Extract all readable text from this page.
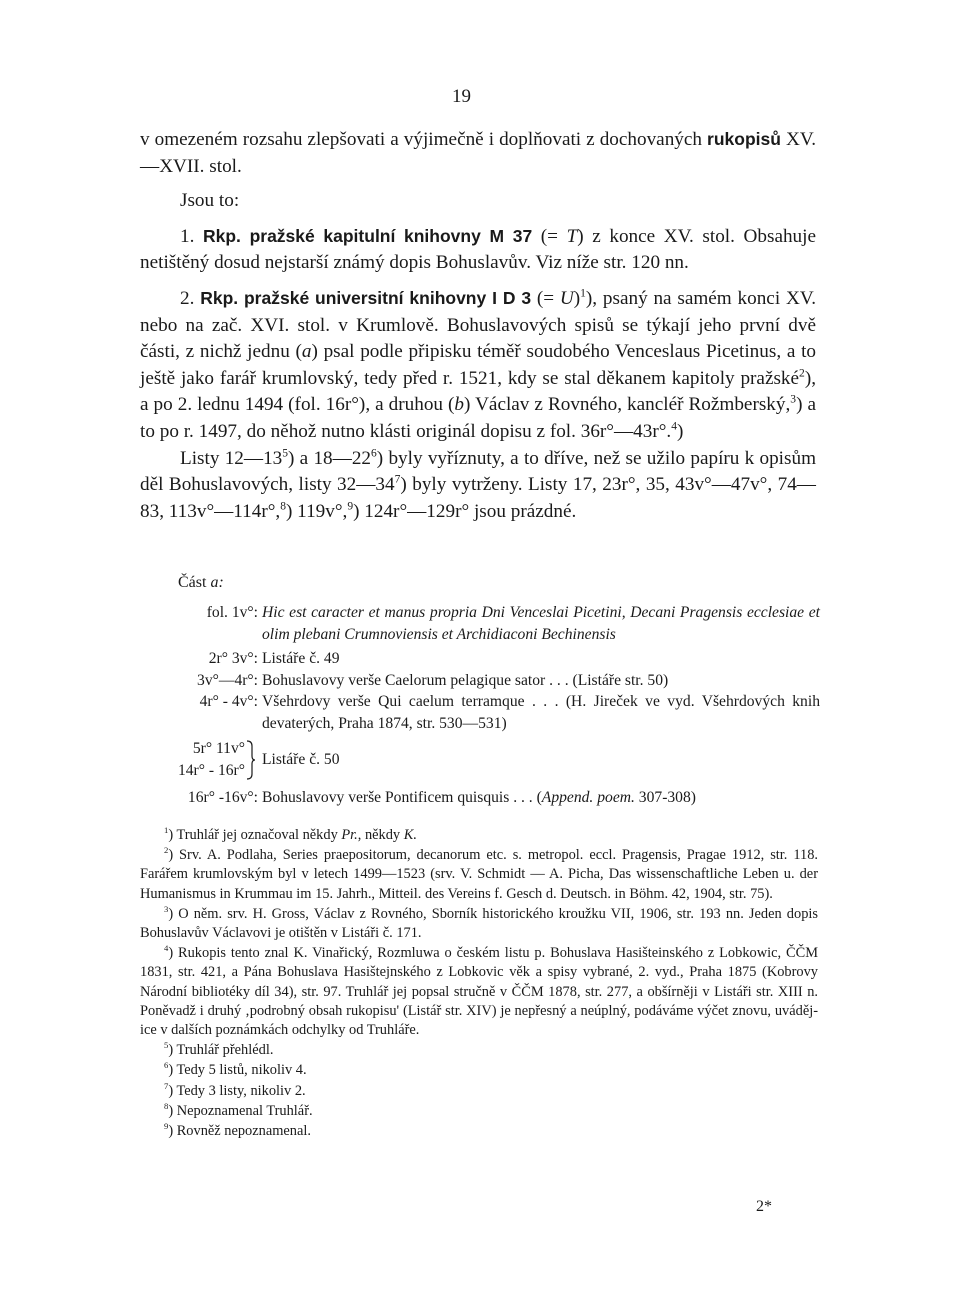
19

v omezeném rozsahu zlepšovati a výjimečně i doplňovati z dochovaných rukopisů XV.—XVII. stol.

Jsou to:

1. Rkp. pražské kapitulní knihovny M 37 (= T) z konce XV. stol. Obsahuje netištěný dosud nejstarší známý dopis Bohuslavův. Viz níže str. 120 nn.

2. Rkp. pražské universitní knihovny I D 3 (= U)$^1$), psaný na samém konci XV. nebo na zač. XVI. stol. v Krumlově. Bohuslavových spisů se týkají jeho první dvě části, z nichž jednu (a) psal podle připisku téměř soudobého Venceslaus Picetinus, a to ještě jako farář krumlovský, tedy před r. 1521, kdy se stal děkanem kapitoly pražské$^2$), a po 2. lednu 1494 (fol. 16r°), a druhou (b) Václav z Rovného, kancléř Rožmberský,$^3$) a to po r. 1497, do něhož nutno klásti originál dopisu z fol. 36r°—43r°.$^4$)

Listy $12—13^5$) a $18—22^6$) byly vyříznuty, a to dříve, než se užilo papíru k opisům děl Bohuslavových, listy $32—34^7$) byly vytrženy. Listy 17, 23r°, 35, 43v°—47v°, 74—83, 113v°—114r°,$^8$) 119v°,$^9$) 124r°—129r° jsou prázdné.

Část a:
fol. 1v°: Hic est caracter et manus propria Dni Venceslai Picetini, Decani Pragensis ecclesiae et olim plebani Crumnoviensis et Archidiaconi Bechinensis
2r° 3v°: Listáře č. 49
3v°—4r°: Bohuslavovy verše Caelorum pelagique sator . . . (Listáře str. 50)
4r° - 4v°: Všehrdovy verše Qui caelum terramque . . . (H. Jireček ve vyd. Všehrdových knih devaterých, Praha 1874, str. 530—531)
5r° 11v°
14r° - 16r°
Listáře č. 50
16r° -16v°: Bohuslavovy verše Pontificem quisquis . . . (Append. poem. 307-308)

$^1$) Truhlář jej označoval někdy Pr., někdy K.

$^2$) Srv. A. Podlaha, Series praepositorum, decanorum etc. s. metropol. eccl. Pragensis, Pragae 1912, str. 118. Farářem krumlovským byl v letech 1499—1523 (srv. V. Schmidt — A. Picha, Das wissenschaftliche Leben u. der Humanismus in Krummau im 15. Jahrh., Mitteil. des Vereins f. Gesch d. Deutsch. in Böhm. 42, 1904, str. 75).

$^3$) O něm. srv. H. Gross, Václav z Rovného, Sborník historického kroužku VII, 1906, str. 193 nn. Jeden dopis Bohuslavův Václavovi je otištěn v Listáři č. 171.

$^4$) Rukopis tento znal K. Vinařický, Rozmluwa o českém listu p. Bohuslava Hasišteinského z Lobkowic, ČČM 1831, str. 421, a Pána Bohuslava Hasištejnského z Lobkovic věk a spisy vybrané, 2. vyd., Praha 1875 (Kobrovy Národní bibliotéky díl 34), str. 97. Truhlář jej popsal stručně v ČČM 1878, str. 277, a obšírněji v Listáři str. XIII n. Poněvadž i druhý ‚podrobný obsah rukopisu' (Listář str. XIV) je nepřesný a neúplný, podáváme výčet znovu, uvádějice v dalších poznámkách odchylky od Truhláře.

$^5$) Truhlář přehlédl.

$^6$) Tedy 5 listů, nikoliv 4.

$^7$) Tedy 3 listy, nikoliv 2.

$^8$) Nepoznamenal Truhlář.

$^9$) Rovněž nepoznamenal.

2*
